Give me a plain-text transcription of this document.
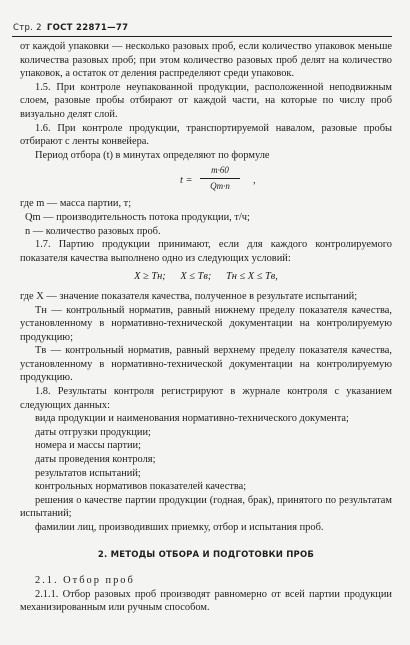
Стр. 2 ГОСТ 22871—77

от каждой упаковки — несколько разовых проб, если количество упаковок меньше количества разовых проб; при этом количество разовых проб делят на количество упаковок, а остаток от деления распределяют среди упаковок.

1.5. При контроле неупакованной продукции, расположенной неподвижным слоем, разовые пробы отбирают от каждой части, на которые по числу проб визуально делят слой.

1.6. При контроле продукции, транспортируемой навалом, разовые пробы отбирают с ленты конвейера.

Период отбора (t) в минутах определяют по формуле

t =
m·60
Qm·n	,

где m — масса партии, т;

Qm — производительность потока продукции, т/ч;

n — количество разовых проб.

1.7. Партию продукции принимают, если для каждого контролируемого показателя качества выполнено одно из следующих условий:

X ≥ Tн; X ≤ Tв; Tн ≤ X ≤ Tв,

где X — значение показателя качества, полученное в результате испытаний;

Tн — контрольный норматив, равный нижнему пределу показателя качества, установленному в нормативно-технической документации на контролируемую продукцию;

Tв — контрольный норматив, равный верхнему пределу показателя качества, установленному в нормативно-технической документации на контролируемую продукцию.

1.8. Результаты контроля регистрируют в журнале контроля с указанием следующих данных:

вида продукции и наименования нормативно-технического документа;

даты отгрузки продукции;

номера и массы партии;

даты проведения контроля;

результатов испытаний;

контрольных нормативов показателей качества;

решения о качестве партии продукции (годная, брак), принятого по результатам испытаний;

фамилии лиц, производивших приемку, отбор и испытания проб.

2. МЕТОДЫ ОТБОРА И ПОДГОТОВКИ ПРОБ

2.1. Отбор проб

2.1.1. Отбор разовых проб производят равномерно от всей партии продукции механизированным или ручным способом.
